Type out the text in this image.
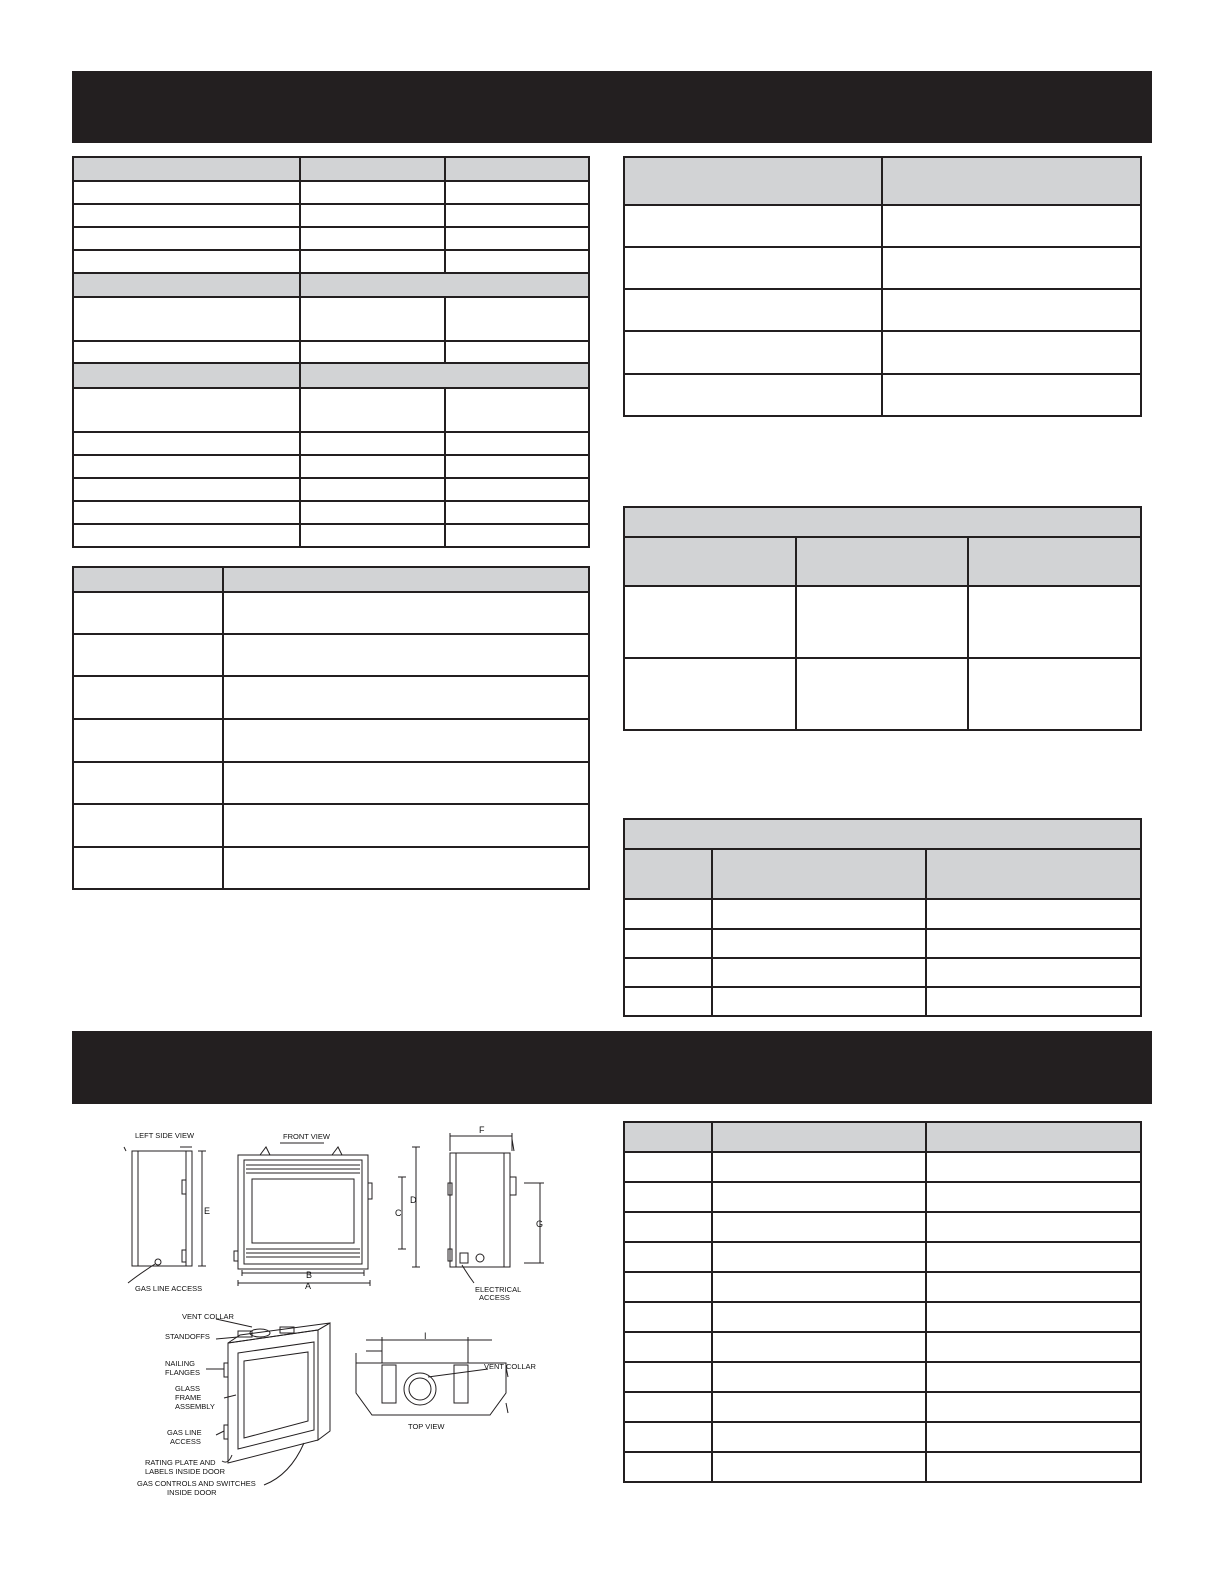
LEFT SIDE VIEW	FRONT VIEW
TOP VIEW
A
B
C
D
E
F
G
I
GAS LINE ACCESS	ELECTRICAL
ACCESS
VENT COLLAR
STANDOFFS
NAILING
FLANGES
GLASS
FRAME
ASSEMBLY
GAS LINE
ACCESS
RATING PLATE AND
LABELS INSIDE DOOR
GAS CONTROLS AND SWITCHES
INSIDE DOOR
VENT COLLAR
